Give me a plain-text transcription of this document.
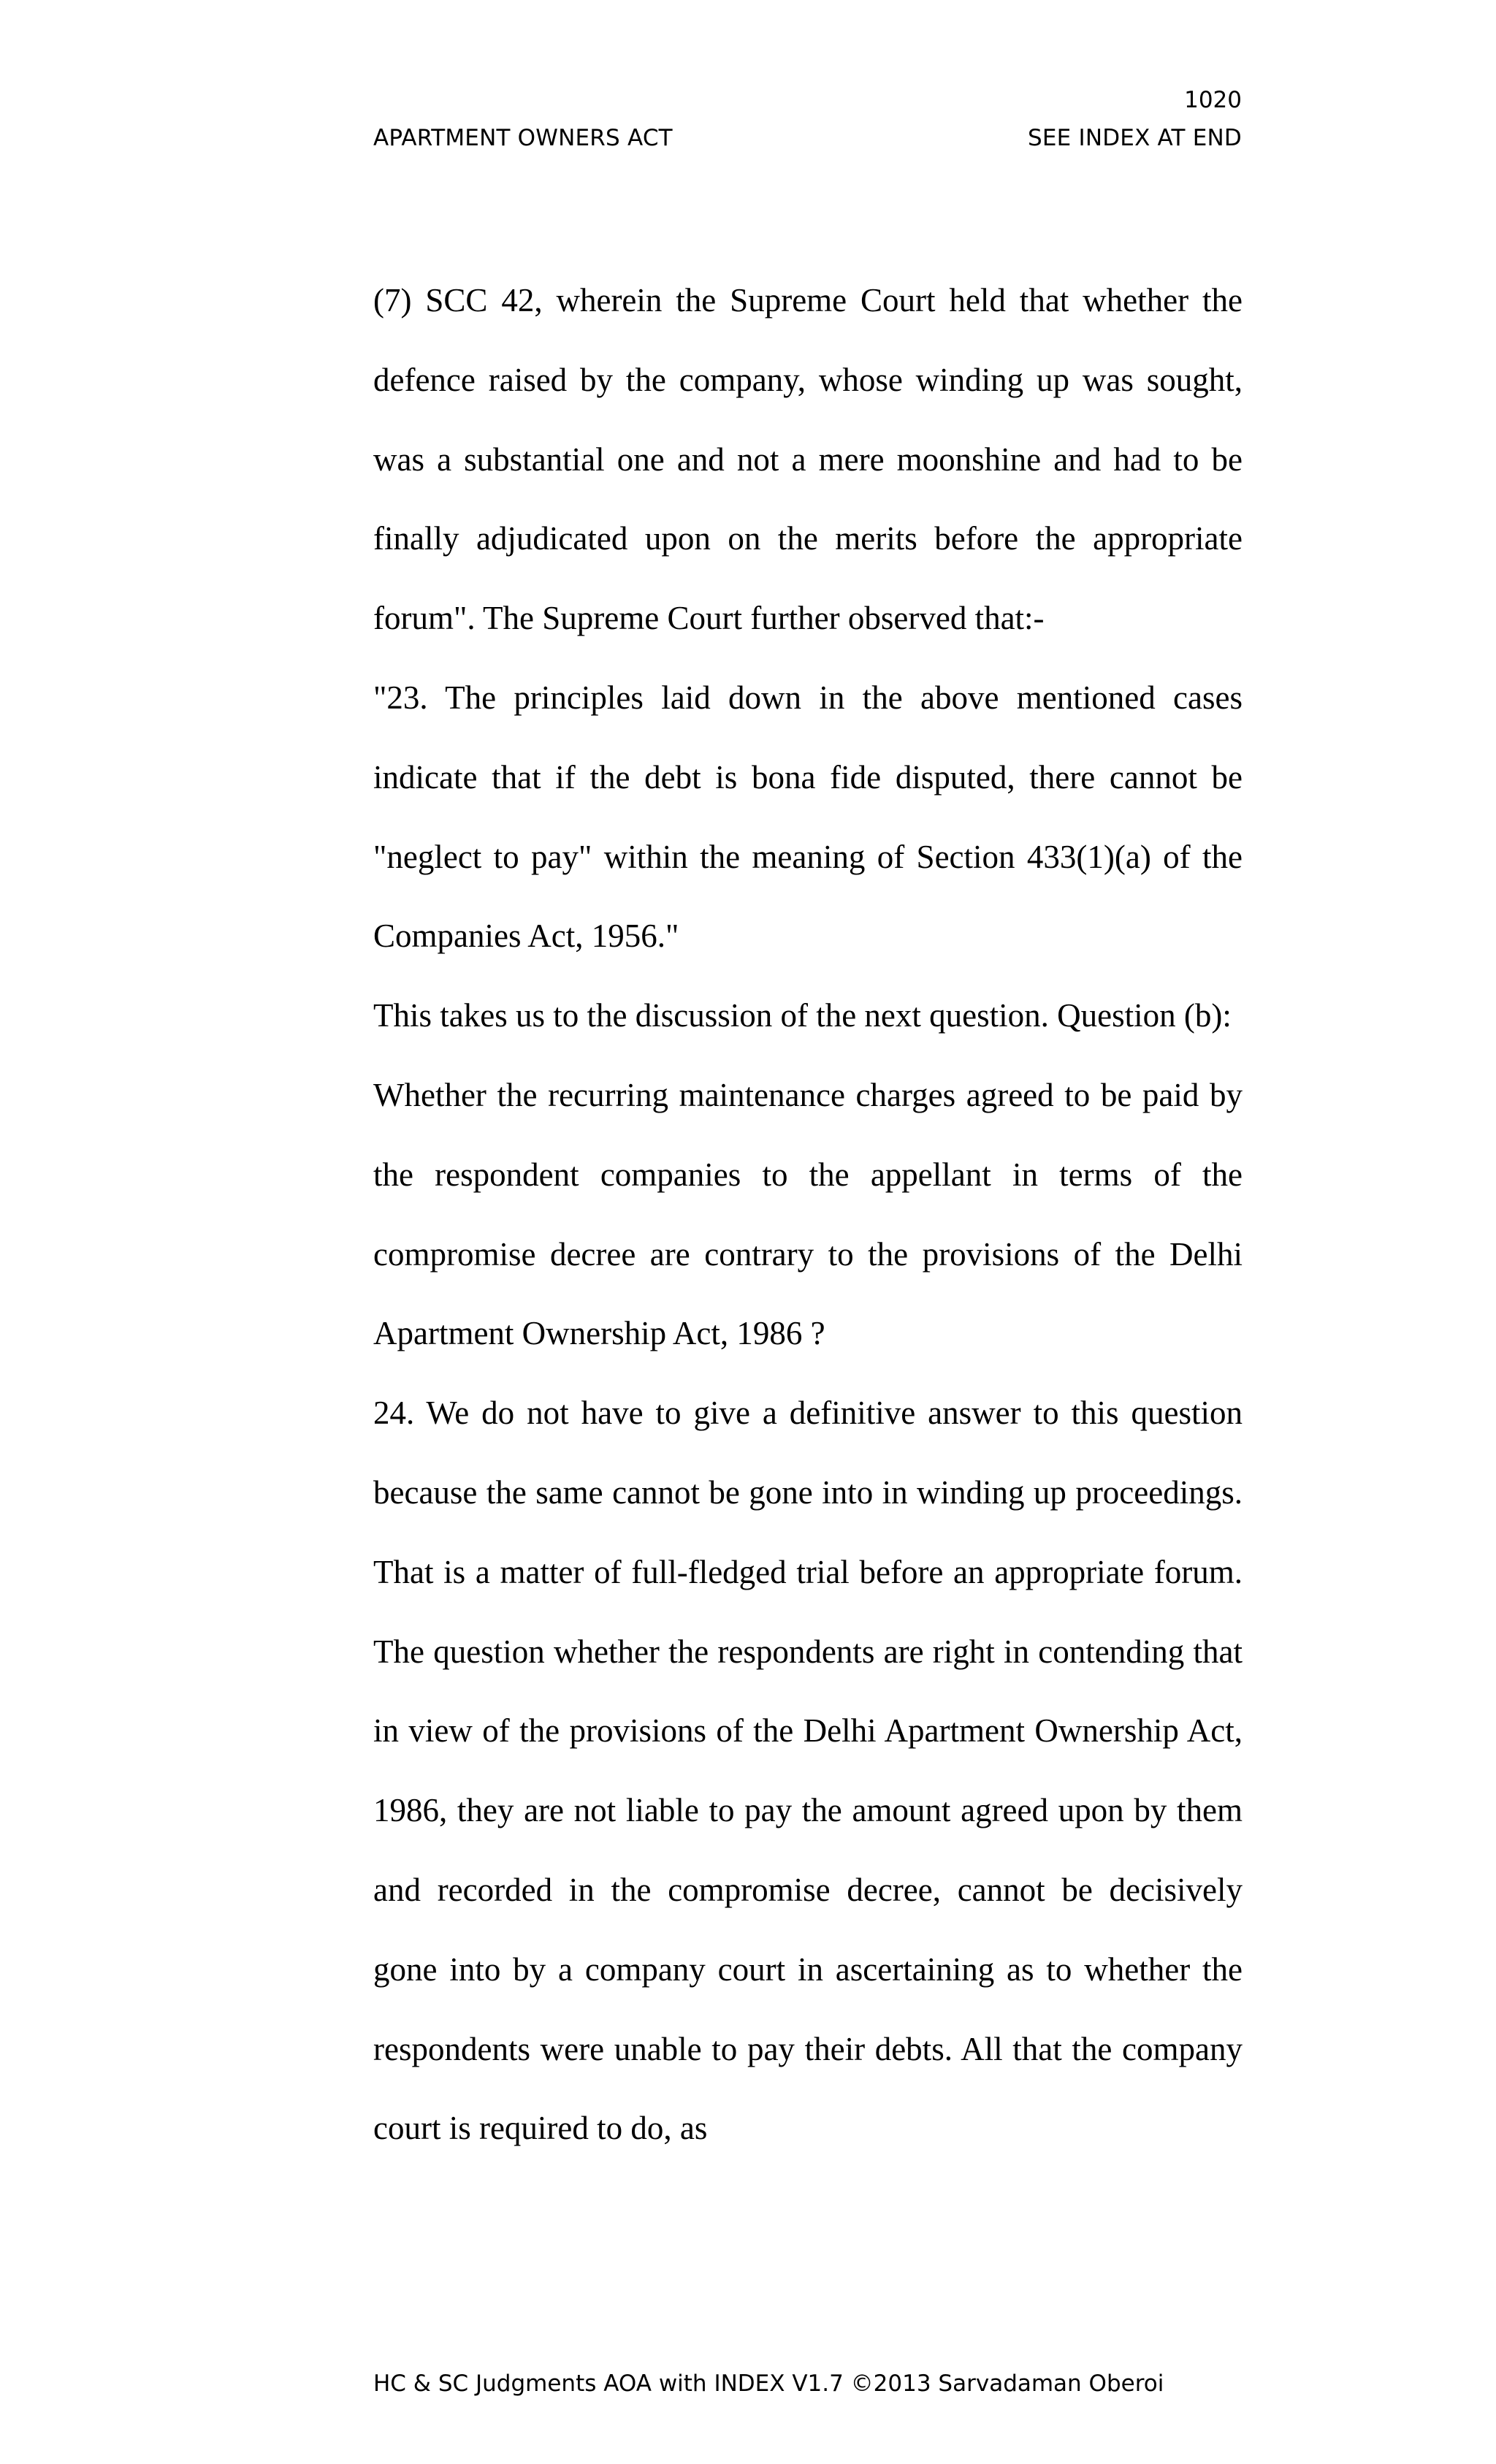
1020
APARTMENT OWNERS ACT	SEE INDEX AT END

(7) SCC 42, wherein the Supreme Court held that whether the defence raised by the company, whose winding up was sought, was a substantial one and not a mere moonshine and had to be finally adjudicated upon on the merits before the appropriate forum". The Supreme Court further observed that:-

"23. The principles laid down in the above mentioned cases indicate that if the debt is bona fide disputed, there cannot be "neglect to pay" within the meaning of Section 433(1)(a) of the Companies Act, 1956."

This takes us to the discussion of the next question. Question (b):

Whether the recurring maintenance charges agreed to be paid by the respondent companies to the appellant in terms of the compromise decree are contrary to the provisions of the Delhi Apartment Ownership Act, 1986 ?

24. We do not have to give a definitive answer to this question because the same cannot be gone into in winding up proceedings. That is a matter of full-fledged trial before an appropriate forum. The question whether the respondents are right in contending that in view of the provisions of the Delhi Apartment Ownership Act, 1986, they are not liable to pay the amount agreed upon by them and recorded in the compromise decree, cannot be decisively gone into by a company court in ascertaining as to whether the respondents were unable to pay their debts. All that the company court is required to do, as

HC & SC Judgments AOA with INDEX V1.7 ©2013 Sarvadaman Oberoi
